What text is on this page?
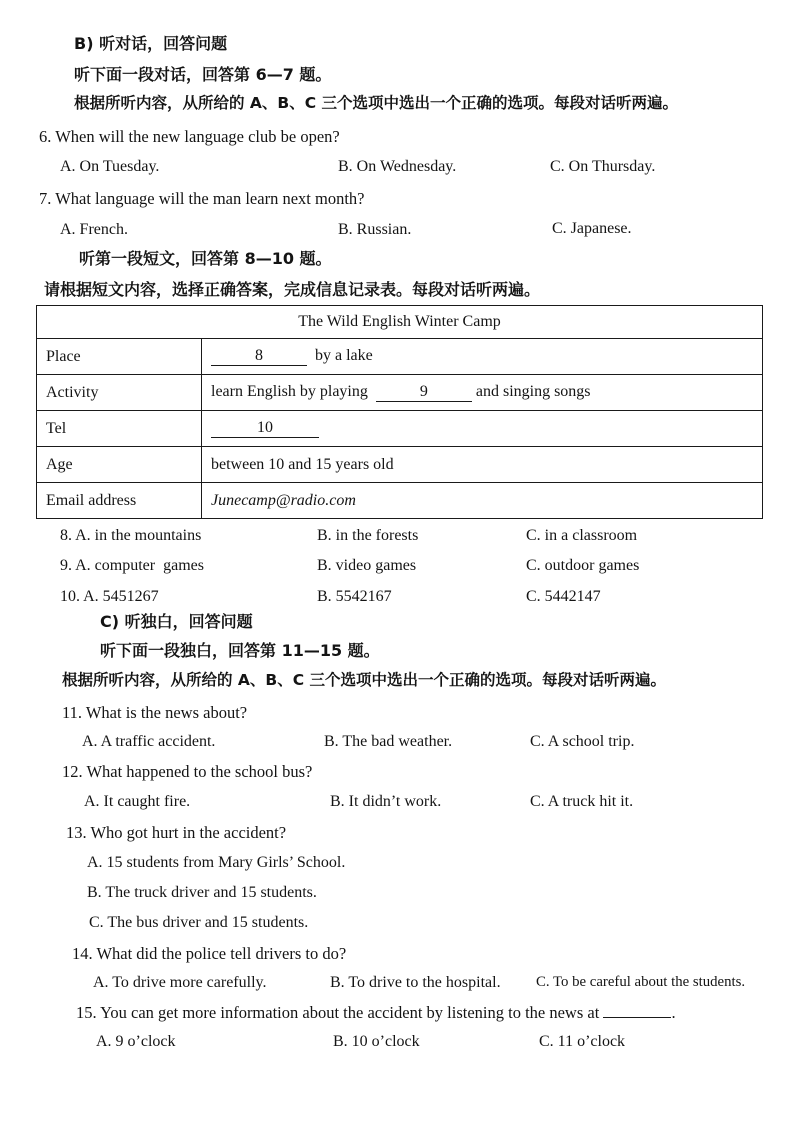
B) 听对话，回答问题
听下面一段对话，回答第 6—7 题。
根据所听内容，从所给的 A、B、C 三个选项中选出一个正确的选项。每段对话听两遍。
6. When will the new language club be open?
A. On Tuesday.	B. On Wednesday.	C. On Thursday.
7. What language will the man learn next month?
A. French.	B. Russian.	C. Japanese.
听第一段短文，回答第 8—10 题。
请根据短文内容，选择正确答案，完成信息记录表。每段对话听两遍。
The Wild English Winter Camp	
Place	8 by a lake
Activity	learn English by playing 9 and singing songs
Tel	10
Age	between 10 and 15 years old
Email address	Junecamp@radio.com
8. A. in the mountains	B. in the forests	C. in a classroom
9. A. computer  games	B. video games	C. outdoor games
10. A. 5451267	B. 5542167	C. 5442147
C) 听独白，回答问题
听下面一段独白，回答第 11—15 题。
根据所听内容，从所给的 A、B、C 三个选项中选出一个正确的选项。每段对话听两遍。
11. What is the news about?
A. A traffic accident.	B. The bad weather.	C. A school trip.
12. What happened to the school bus?
A. It caught fire.	B. It didn’t work.	C. A truck hit it.
13. Who got hurt in the accident?
A. 15 students from Mary Girls’ School.
B. The truck driver and 15 students.
C. The bus driver and 15 students.
14. What did the police tell drivers to do?
A. To drive more carefully.	B. To drive to the hospital. C. To be careful about the students.
15. You can get more information about the accident by listening to the news at	.
A. 9 o’clock	B. 10 o’clock	C. 11 o’clock
